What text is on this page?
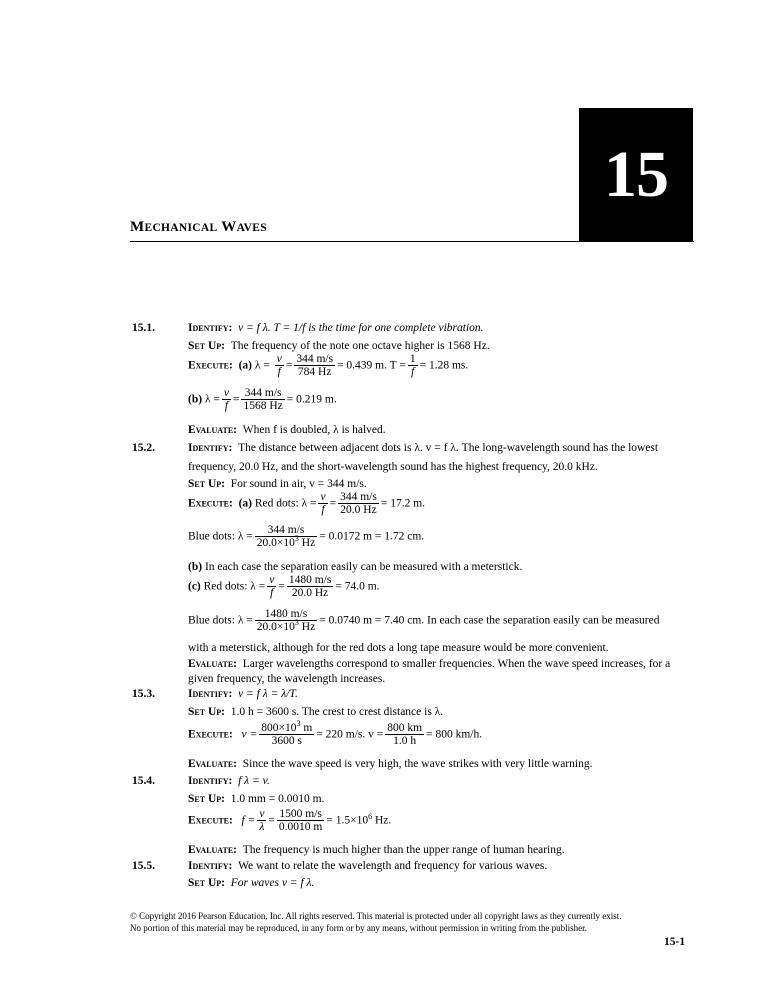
15
MECHANICAL WAVES
15.1.	Identify: v = f λ. T = 1/f is the time for one complete vibration.
Set Up: The frequency of the note one octave higher is 1568 Hz.
Execute: (a) $\lambda = \frac{v}{f} = \frac{344 m/s}{784 Hz} = 0.439$ m. $T = \frac{1}{f} = 1.28$ ms.
(b) $\lambda = \frac{v}{f} = \frac{344 m/s}{1568 Hz} = 0.219$ m.
Evaluate: When f is doubled, λ is halved.
15.2.	Identify: The distance between adjacent dots is λ. v = f λ. The long-wavelength sound has the lowest
frequency, 20.0 Hz, and the short-wavelength sound has the highest frequency, 20.0 kHz.
Set Up: For sound in air, v = 344 m/s.
Execute: (a) Red dots: $\lambda = \frac{v}{f} = \frac{344 m/s}{20.0 Hz} = 17.2$ m.
Blue dots: $\lambda = \frac{344 m/s}{20.0\times 10^3 Hz} = 0.0172$ m = 1.72 cm.
(b) In each case the separation easily can be measured with a meterstick.
(c) Red dots: $\lambda = \frac{v}{f} = \frac{1480 m/s}{20.0 Hz} = 74.0$ m.
Blue dots: $\lambda = \frac{1480 m/s}{20.0\times 10^3 Hz} = 0.0740$ m = 7.40 cm. In each case the separation easily can be measured
with a meterstick, although for the red dots a long tape measure would be more convenient.
Evaluate: Larger wavelengths correspond to smaller frequencies. When the wave speed increases, for a
given frequency, the wavelength increases.
15.3.	Identify: v = f λ = λ/T.
Set Up: 1.0 h = 3600 s. The crest to crest distance is λ.
Execute: $v = \frac{800\times 10^3 m}{3600 s} = 220$ m/s. $v = \frac{800 km}{1.0 h} = 800$ km/h.
Evaluate: Since the wave speed is very high, the wave strikes with very little warning.
15.4.	Identify: f λ = v.
Set Up: 1.0 mm = 0.0010 m.
Execute: $f = \frac{v}{\lambda} = \frac{1500 m/s}{0.0010 m} = 1.5\times 10^6$ Hz.
Evaluate: The frequency is much higher than the upper range of human hearing.
15.5.	Identify: We want to relate the wavelength and frequency for various waves.
Set Up: For waves v = f λ.
© Copyright 2016 Pearson Education, Inc. All rights reserved. This material is protected under all copyright laws as they currently exist.
No portion of this material may be reproduced, in any form or by any means, without permission in writing from the publisher.
15-1
